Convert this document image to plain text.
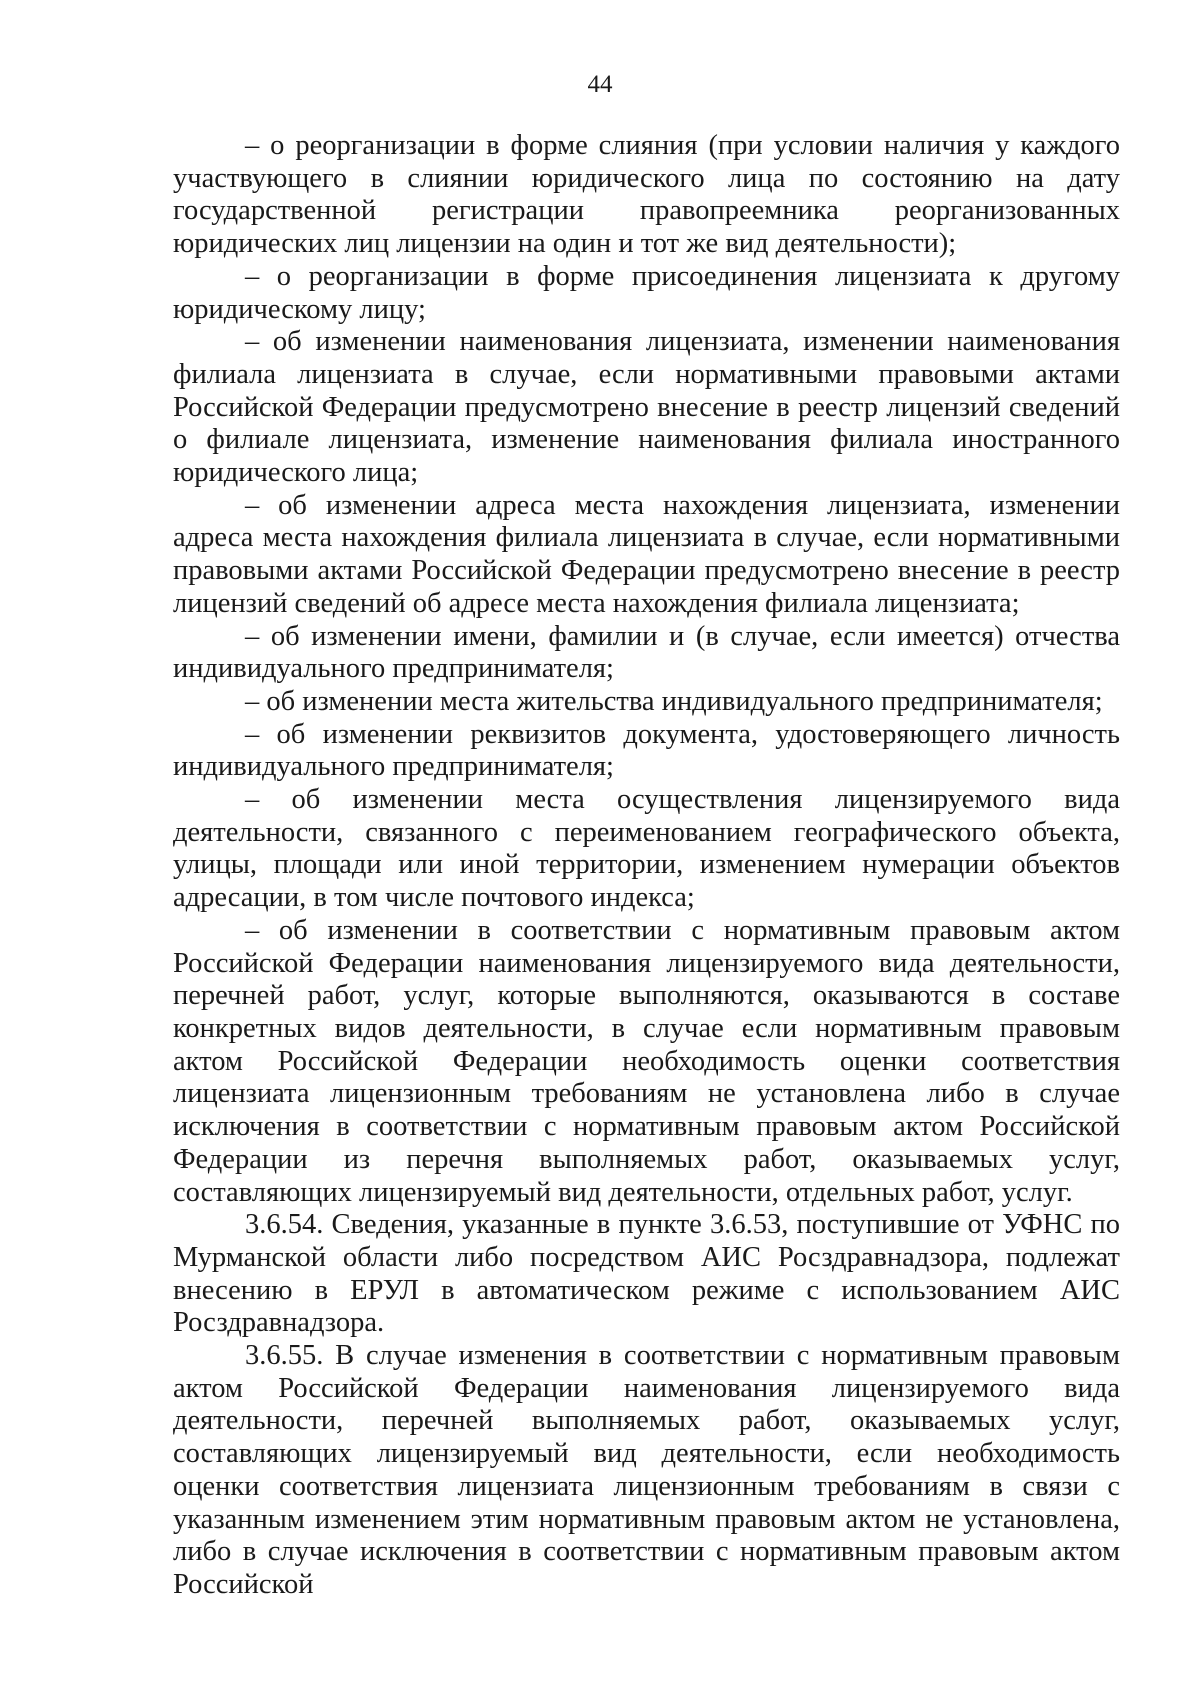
44

– о реорганизации в форме слияния (при условии наличия у каждого участвующего в слиянии юридического лица по состоянию на дату государственной регистрации правопреемника реорганизованных юридических лиц лицензии на один и тот же вид деятельности);

– о реорганизации в форме присоединения лицензиата к другому юридическому лицу;

– об изменении наименования лицензиата, изменении наименования филиала лицензиата в случае, если нормативными правовыми актами Российской Федерации предусмотрено внесение в реестр лицензий сведений о филиале лицензиата, изменение наименования филиала иностранного юридического лица;

– об изменении адреса места нахождения лицензиата, изменении адреса места нахождения филиала лицензиата в случае, если нормативными правовыми актами Российской Федерации предусмотрено внесение в реестр лицензий сведений об адресе места нахождения филиала лицензиата;

– об изменении имени, фамилии и (в случае, если имеется) отчества индивидуального предпринимателя;

– об изменении места жительства индивидуального предпринимателя;

– об изменении реквизитов документа, удостоверяющего личность индивидуального предпринимателя;

– об изменении места осуществления лицензируемого вида деятельности, связанного с переименованием географического объекта, улицы, площади или иной территории, изменением нумерации объектов адресации, в том числе почтового индекса;

– об изменении в соответствии с нормативным правовым актом Российской Федерации наименования лицензируемого вида деятельности, перечней работ, услуг, которые выполняются, оказываются в составе конкретных видов деятельности, в случае если нормативным правовым актом Российской Федерации необходимость оценки соответствия лицензиата лицензионным требованиям не установлена либо в случае исключения в соответствии с нормативным правовым актом Российской Федерации из перечня выполняемых работ, оказываемых услуг, составляющих лицензируемый вид деятельности, отдельных работ, услуг.

3.6.54. Сведения, указанные в пункте 3.6.53, поступившие от УФНС по Мурманской области либо посредством АИС Росздравнадзора, подлежат внесению в ЕРУЛ в автоматическом режиме с использованием АИС Росздравнадзора.

3.6.55. В случае изменения в соответствии с нормативным правовым актом Российской Федерации наименования лицензируемого вида деятельности, перечней выполняемых работ, оказываемых услуг, составляющих лицензируемый вид деятельности, если необходимость оценки соответствия лицензиата лицензионным требованиям в связи с указанным изменением этим нормативным правовым актом не установлена, либо в случае исключения в соответствии с нормативным правовым актом Российской
